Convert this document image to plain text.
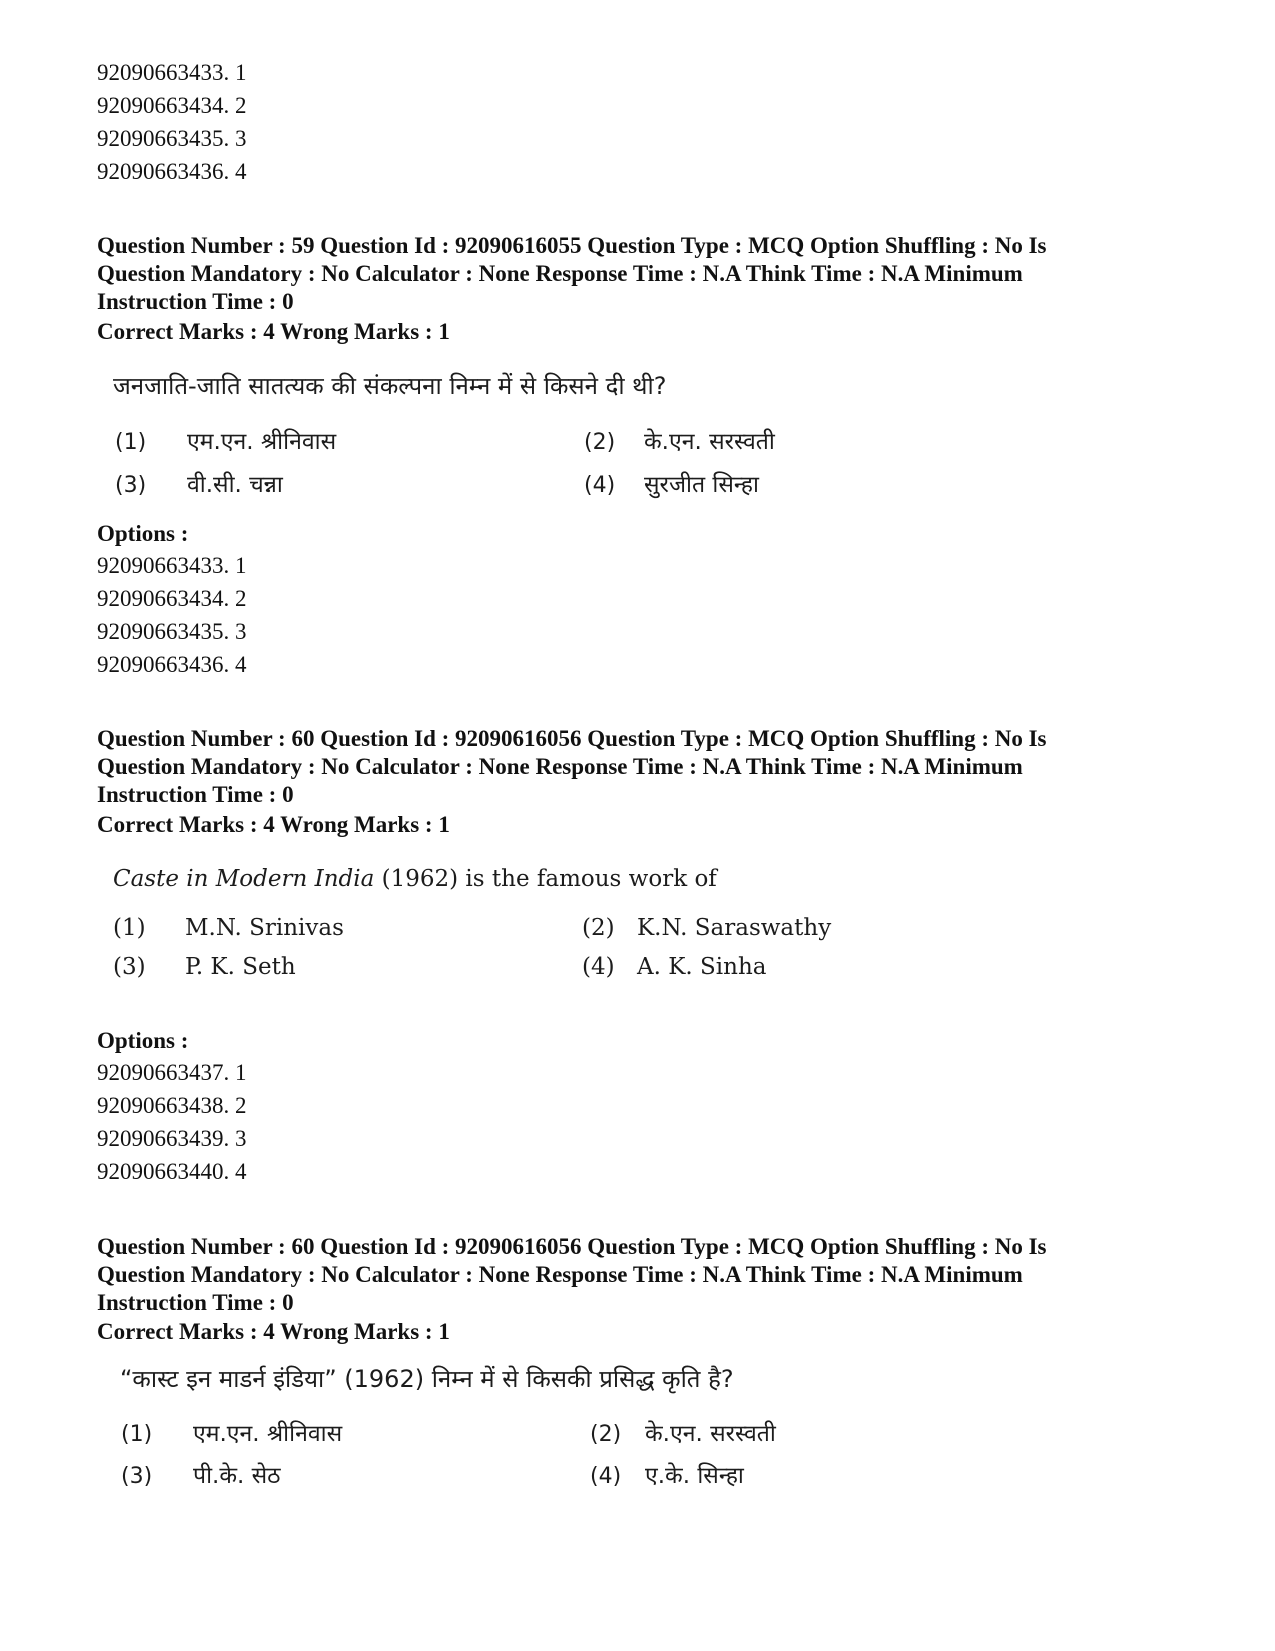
92090663433. 1
92090663434. 2
92090663435. 3
92090663436. 4
Question Number : 59 Question Id : 92090616055 Question Type : MCQ Option Shuffling : No Is Question Mandatory : No Calculator : None Response Time : N.A Think Time : N.A Minimum Instruction Time : 0
Correct Marks : 4 Wrong Marks : 1
जनजाति-जाति सातत्यक की संकल्पना निम्न में से किसने दी थी?
(1) एम.एन. श्रीनिवास	(2) के.एन. सरस्वती
(3) वी.सी. चन्ना	(4) सुरजीत सिन्हा
Options :
92090663433. 1
92090663434. 2
92090663435. 3
92090663436. 4
Question Number : 60 Question Id : 92090616056 Question Type : MCQ Option Shuffling : No Is Question Mandatory : No Calculator : None Response Time : N.A Think Time : N.A Minimum Instruction Time : 0
Correct Marks : 4 Wrong Marks : 1
Caste in Modern India (1962) is the famous work of
(1) M.N. Srinivas	(2) K.N. Saraswathy
(3) P. K. Seth	(4) A. K. Sinha
Options :
92090663437. 1
92090663438. 2
92090663439. 3
92090663440. 4
Question Number : 60 Question Id : 92090616056 Question Type : MCQ Option Shuffling : No Is Question Mandatory : No Calculator : None Response Time : N.A Think Time : N.A Minimum Instruction Time : 0
Correct Marks : 4 Wrong Marks : 1
“कास्ट इन माडर्न इंडिया” (1962) निम्न में से किसकी प्रसिद्ध कृति है?
(1) एम.एन. श्रीनिवास	(2) के.एन. सरस्वती
(3) पी.के. सेठ	(4) ए.के. सिन्हा
